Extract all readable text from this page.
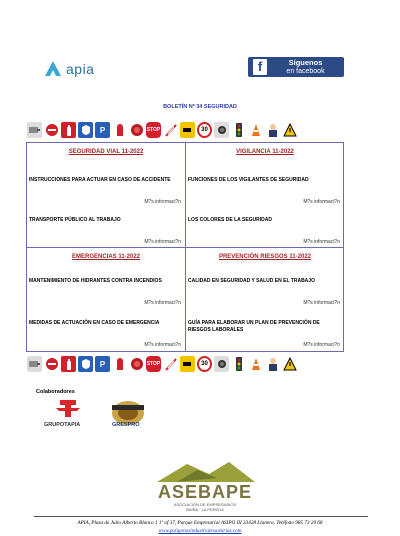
apia	f	Síguenos
en facebook
BOLETÍN Nº 34 SEGURIDAD
P	STOP	30
SEGURIDAD VIAL 11-2022
INSTRUCCIONES PARA ACTUAR EN CASO DE ACCIDENTE
M?s informaci?n
TRANSPORTE PÚBLICO AL TRABAJO
M?s informaci?n
VIGILANCIA 11-2022
FUNCIONES DE LOS VIGILANTES DE SEGURIDAD
M?s informaci?n
LOS COLORES DE LA SEGURIDAD
M?s informaci?n
EMERGENCIAS 11-2022
MANTENIMIENTO DE HIDRANTES CONTRA INCENDIOS
M?s informaci?n
MEDIDAS DE ACTUACIÓN EN CASO DE EMERGENCIA
M?s informaci?n
PREVENCIÓN RIESGOS 11-2022
CALIDAD EN SEGURIDAD Y SALUD EN EL TRABAJO
M?s informaci?n
GUÍA PARA ELABORAR UN PLAN DE PREVENCIÓN DE RIESGOS LABORALES
M?s informaci?n
P	STOP	30
Colaboradores
GRUPOTAPIA	GRESPRO
ASEBAPE
ASOCIACIÓN DE EMPRESARIOS
BAIÑA · LA PEREDA
APIA, Plaza de Julio Alberto Blanco 1 1º of 37, Parque Empresarial ASIPO III 33428 Llanera. Teléfono 985 73 20 68
www.poligonosindustrialesasturias.com
